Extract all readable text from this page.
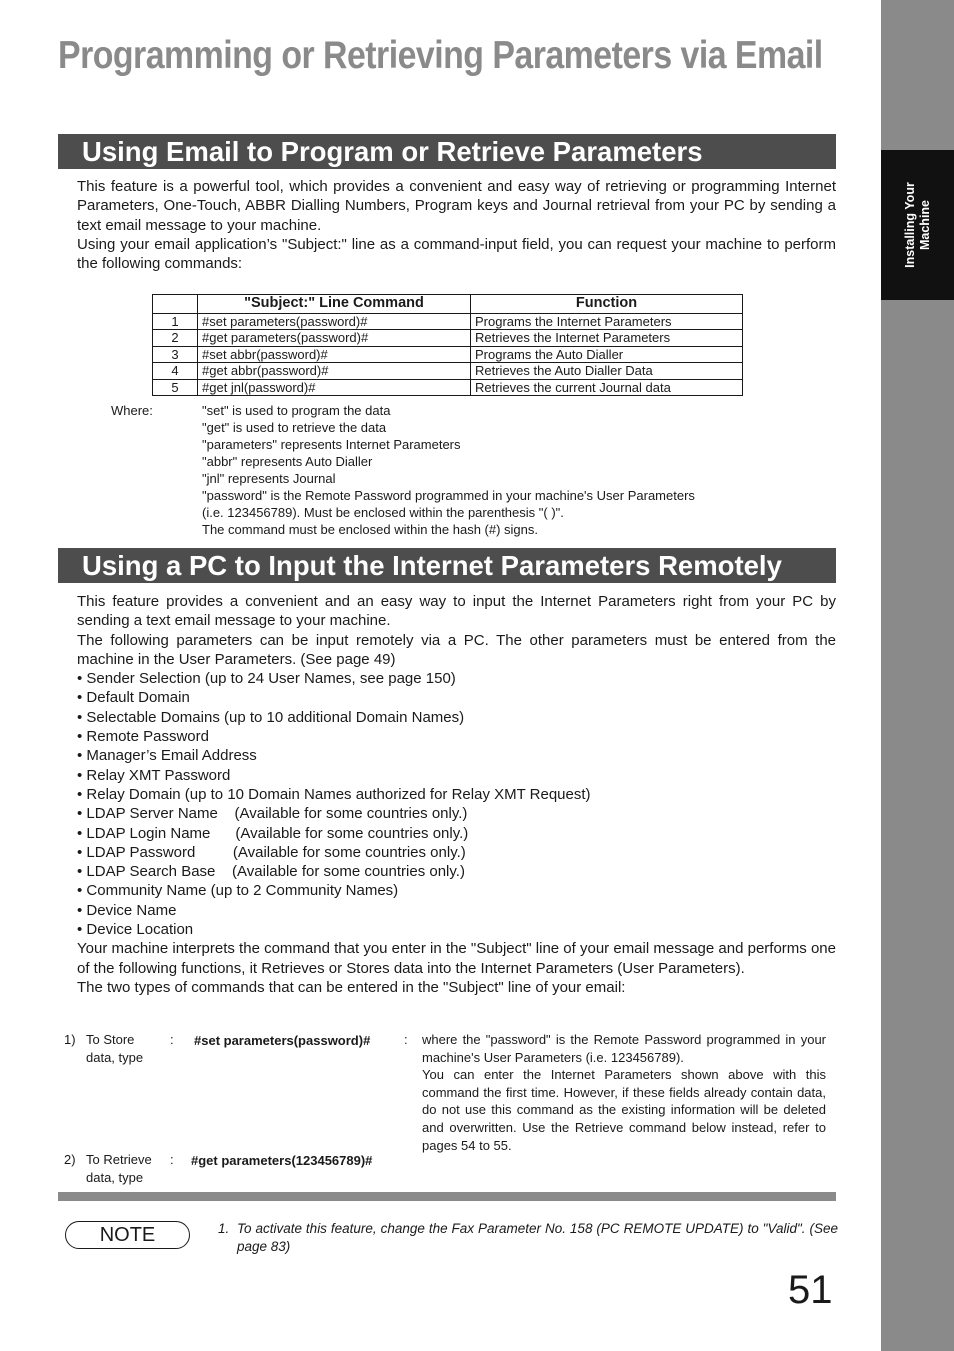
Installing Your Machine
Programming or Retrieving Parameters via Email
Using Email to Program or Retrieve Parameters

This feature is a powerful tool, which provides a convenient and easy way of retrieving or programming Internet Parameters, One-Touch, ABBR Dialling Numbers, Program keys and Journal retrieval from your PC by sending a text email message to your machine.

Using your email application’s "Subject:" line as a command-input field, you can request your machine to perform the following commands:

	"Subject:" Line Command	Function
1	#set parameters(password)#	Programs the Internet Parameters
2	#get parameters(password)#	Retrieves the Internet Parameters
3	#set abbr(password)#	Programs the Auto Dialler
4	#get abbr(password)#	Retrieves the Auto Dialler Data
5	#get jnl(password)#	Retrieves the current Journal data
Where:	"set" is used to program the data
"get" is used to retrieve the data
"parameters" represents Internet Parameters
"abbr" represents Auto Dialler
"jnl" represents Journal
"password" is the Remote Password programmed in your machine's User Parameters
(i.e. 123456789). Must be enclosed within the parenthesis "( )".
The command must be enclosed within the hash (#) signs.
Using a PC to Input the Internet Parameters Remotely

This feature provides a convenient and an easy way to input the Internet Parameters right from your PC by sending a text email message to your machine.

The following parameters can be input remotely via a PC. The other parameters must be entered from the machine in the User Parameters. (See page 49)

• Sender Selection (up to 24 User Names, see page 150)
• Default Domain
• Selectable Domains (up to 10 additional Domain Names)
• Remote Password
• Manager’s Email Address
• Relay XMT Password
• Relay Domain (up to 10 Domain Names authorized for Relay XMT Request)
• LDAP Server Name    (Available for some countries only.)
• LDAP Login Name      (Available for some countries only.)
• LDAP Password         (Available for some countries only.)
• LDAP Search Base    (Available for some countries only.)
• Community Name (up to 2 Community Names)
• Device Name
• Device Location

Your machine interprets the command that you enter in the "Subject" line of your email message and performs one of the following functions, it Retrieves or Stores data into the Internet Parameters (User Parameters).

The two types of commands that can be entered in the "Subject" line of your email:

1) To Store
data, type
: #set parameters(password)#	: where the "password" is the Remote Password programmed in your machine's User Parameters (i.e. 123456789).
You can enter the Internet Parameters shown above with this command the first time. However, if these fields already contain data, do not use this command as the existing information will be deleted and overwritten. Use the Retrieve command below instead, refer to pages 54 to 55.
2) To Retrieve
data, type
: #get parameters(123456789)#
NOTE	1. To activate this feature, change the Fax Parameter No. 158 (PC REMOTE UPDATE) to "Valid". (See page 83)
51
